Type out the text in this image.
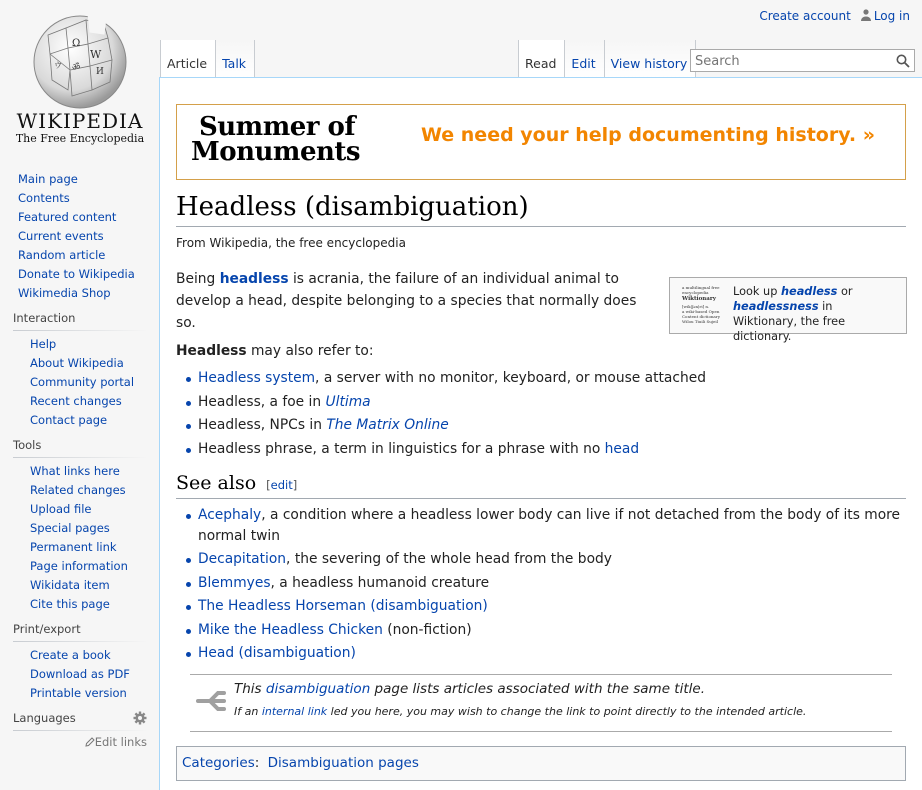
Create account	Log in
Ω
W
И
ॐ
ウ
WIKIPEDIA
The Free Encyclopedia
Article	Talk	Read	Edit	View history
Search
Main page
Contents
Featured content
Current events
Random article
Donate to Wikipedia
Wikimedia Shop
Interaction
Help
About Wikipedia
Community portal
Recent changes
Contact page
Tools
What links here
Related changes
Upload file
Special pages
Permanent link
Page information
Wikidata item
Cite this page
Print/export
Create a book
Download as PDF
Printable version
Languages
Edit links
Summer of
Monuments
We need your help documenting history. »
Headless (disambiguation)
From Wikipedia, the free encyclopedia
a multilingual free encyclopedia
Wiktionary
[wik|ʃən|ri] n.
a wiki-based Open Content dictionary
Wilou Tiuili Sujeil
Look up headless or headlessness in Wiktionary, the free dictionary.

Being headless is acrania, the failure of an individual animal to develop a head, despite belonging to a species that normally does so.

Headless may also refer to:

Headless system, a server with no monitor, keyboard, or mouse attached
Headless, a foe in Ultima
Headless, NPCs in The Matrix Online
Headless phrase, a term in linguistics for a phrase with no head
See also [edit]
Acephaly, a condition where a headless lower body can live if not detached from the body of its more normal twin
Decapitation, the severing of the whole head from the body
Blemmyes, a headless humanoid creature
The Headless Horseman (disambiguation)
Mike the Headless Chicken (non-fiction)
Head (disambiguation)
This disambiguation page lists articles associated with the same title.
If an internal link led you here, you may wish to change the link to point directly to the intended article.
Categories: Disambiguation pages
